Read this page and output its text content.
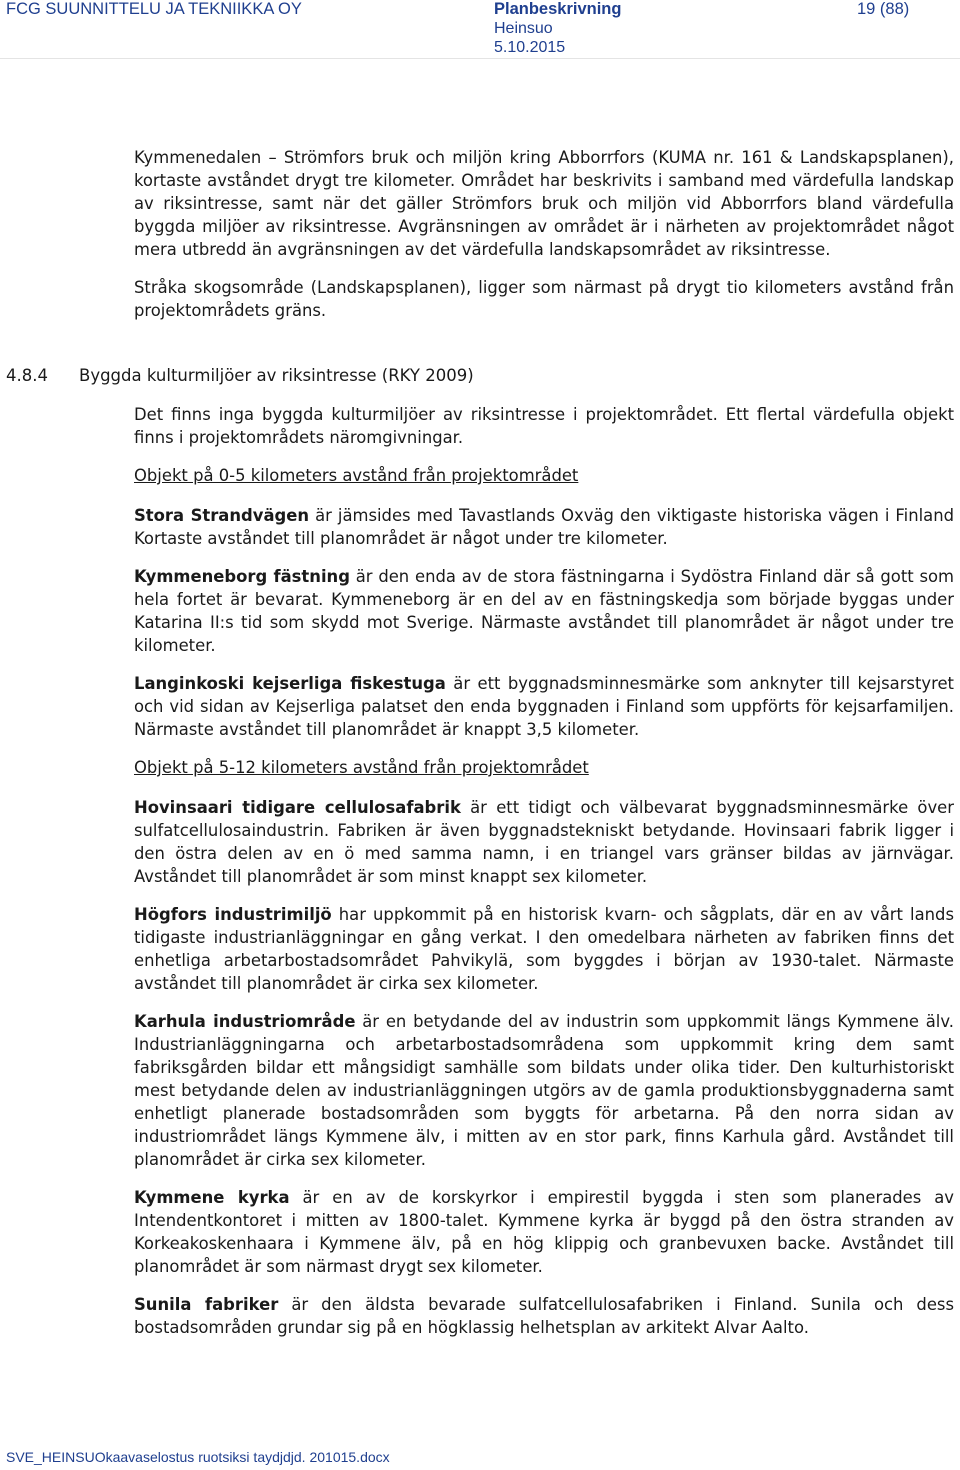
FCG SUUNNITTELU JA TEKNIIKKA OY	Planbeskrivning
Heinsuo
5.10.2015
19 (88)

Kymmenedalen – Strömfors bruk och miljön kring Abborrfors (KUMA nr. 161 & Landskapsplanen), kortaste avståndet drygt tre kilometer. Området har beskrivits i samband med värdefulla landskap av riksintresse, samt när det gäller Strömfors bruk och miljön vid Abborrfors bland värdefulla byggda miljöer av riksintresse. Avgränsningen av området är i närheten av projektområdet något mera utbredd än avgränsningen av det värdefulla landskapsområdet av riksintresse.

Stråka skogsområde (Landskapsplanen), ligger som närmast på drygt tio kilometers avstånd från projektområdets gräns.

4.8.4 Byggda kulturmiljöer av riksintresse (RKY 2009)

Det finns inga byggda kulturmiljöer av riksintresse i projektområdet. Ett flertal värdefulla objekt finns i projektområdets näromgivningar.

Objekt på 0-5 kilometers avstånd från projektområdet

Stora Strandvägen är jämsides med Tavastlands Oxväg den viktigaste historiska vägen i Finland Kortaste avståndet till planområdet är något under tre kilometer.

Kymmeneborg fästning är den enda av de stora fästningarna i Sydöstra Finland där så gott som hela fortet är bevarat. Kymmeneborg är en del av en fästningskedja som började byggas under Katarina II:s tid som skydd mot Sverige. Närmaste avståndet till planområdet är något under tre kilometer.

Langinkoski kejserliga fiskestuga är ett byggnadsminnesmärke som anknyter till kejsarstyret och vid sidan av Kejserliga palatset den enda byggnaden i Finland som uppförts för kejsarfamiljen. Närmaste avståndet till planområdet är knappt 3,5 kilometer.

Objekt på 5-12 kilometers avstånd från projektområdet

Hovinsaari tidigare cellulosafabrik är ett tidigt och välbevarat byggnadsminnesmärke över sulfatcellulosaindustrin. Fabriken är även byggnadstekniskt betydande. Hovinsaari fabrik ligger i den östra delen av en ö med samma namn, i en triangel vars gränser bildas av järnvägar. Avståndet till planområdet är som minst knappt sex kilometer.

Högfors industrimiljö har uppkommit på en historisk kvarn- och sågplats, där en av vårt lands tidigaste industrianläggningar en gång verkat. I den omedelbara närheten av fabriken finns det enhetliga arbetarbostadsområdet Pahvikylä, som byggdes i början av 1930-talet. Närmaste avståndet till planområdet är cirka sex kilometer.

Karhula industriområde är en betydande del av industrin som uppkommit längs Kymmene älv. Industrianläggningarna och arbetarbostadsområdena som uppkommit kring dem samt fabriksgården bildar ett mångsidigt samhälle som bildats under olika tider. Den kulturhistoriskt mest betydande delen av industrianläggningen utgörs av de gamla produktionsbyggnaderna samt enhetligt planerade bostadsområden som byggts för arbetarna. På den norra sidan av industriområdet längs Kymmene älv, i mitten av en stor park, finns Karhula gård. Avståndet till planområdet är cirka sex kilometer.

Kymmene kyrka är en av de korskyrkor i empirestil byggda i sten som planerades av Intendentkontoret i mitten av 1800-talet. Kymmene kyrka är byggd på den östra stranden av Korkeakoskenhaara i Kymmene älv, på en hög klippig och granbevuxen backe. Avståndet till planområdet är som närmast drygt sex kilometer.

Sunila fabriker är den äldsta bevarade sulfatcellulosafabriken i Finland. Sunila och dess bostadsområden grundar sig på en högklassig helhetsplan av arkitekt Alvar Aalto.

SVE_HEINSUOkaavaselostus ruotsiksi taydjdjd. 201015.docx
